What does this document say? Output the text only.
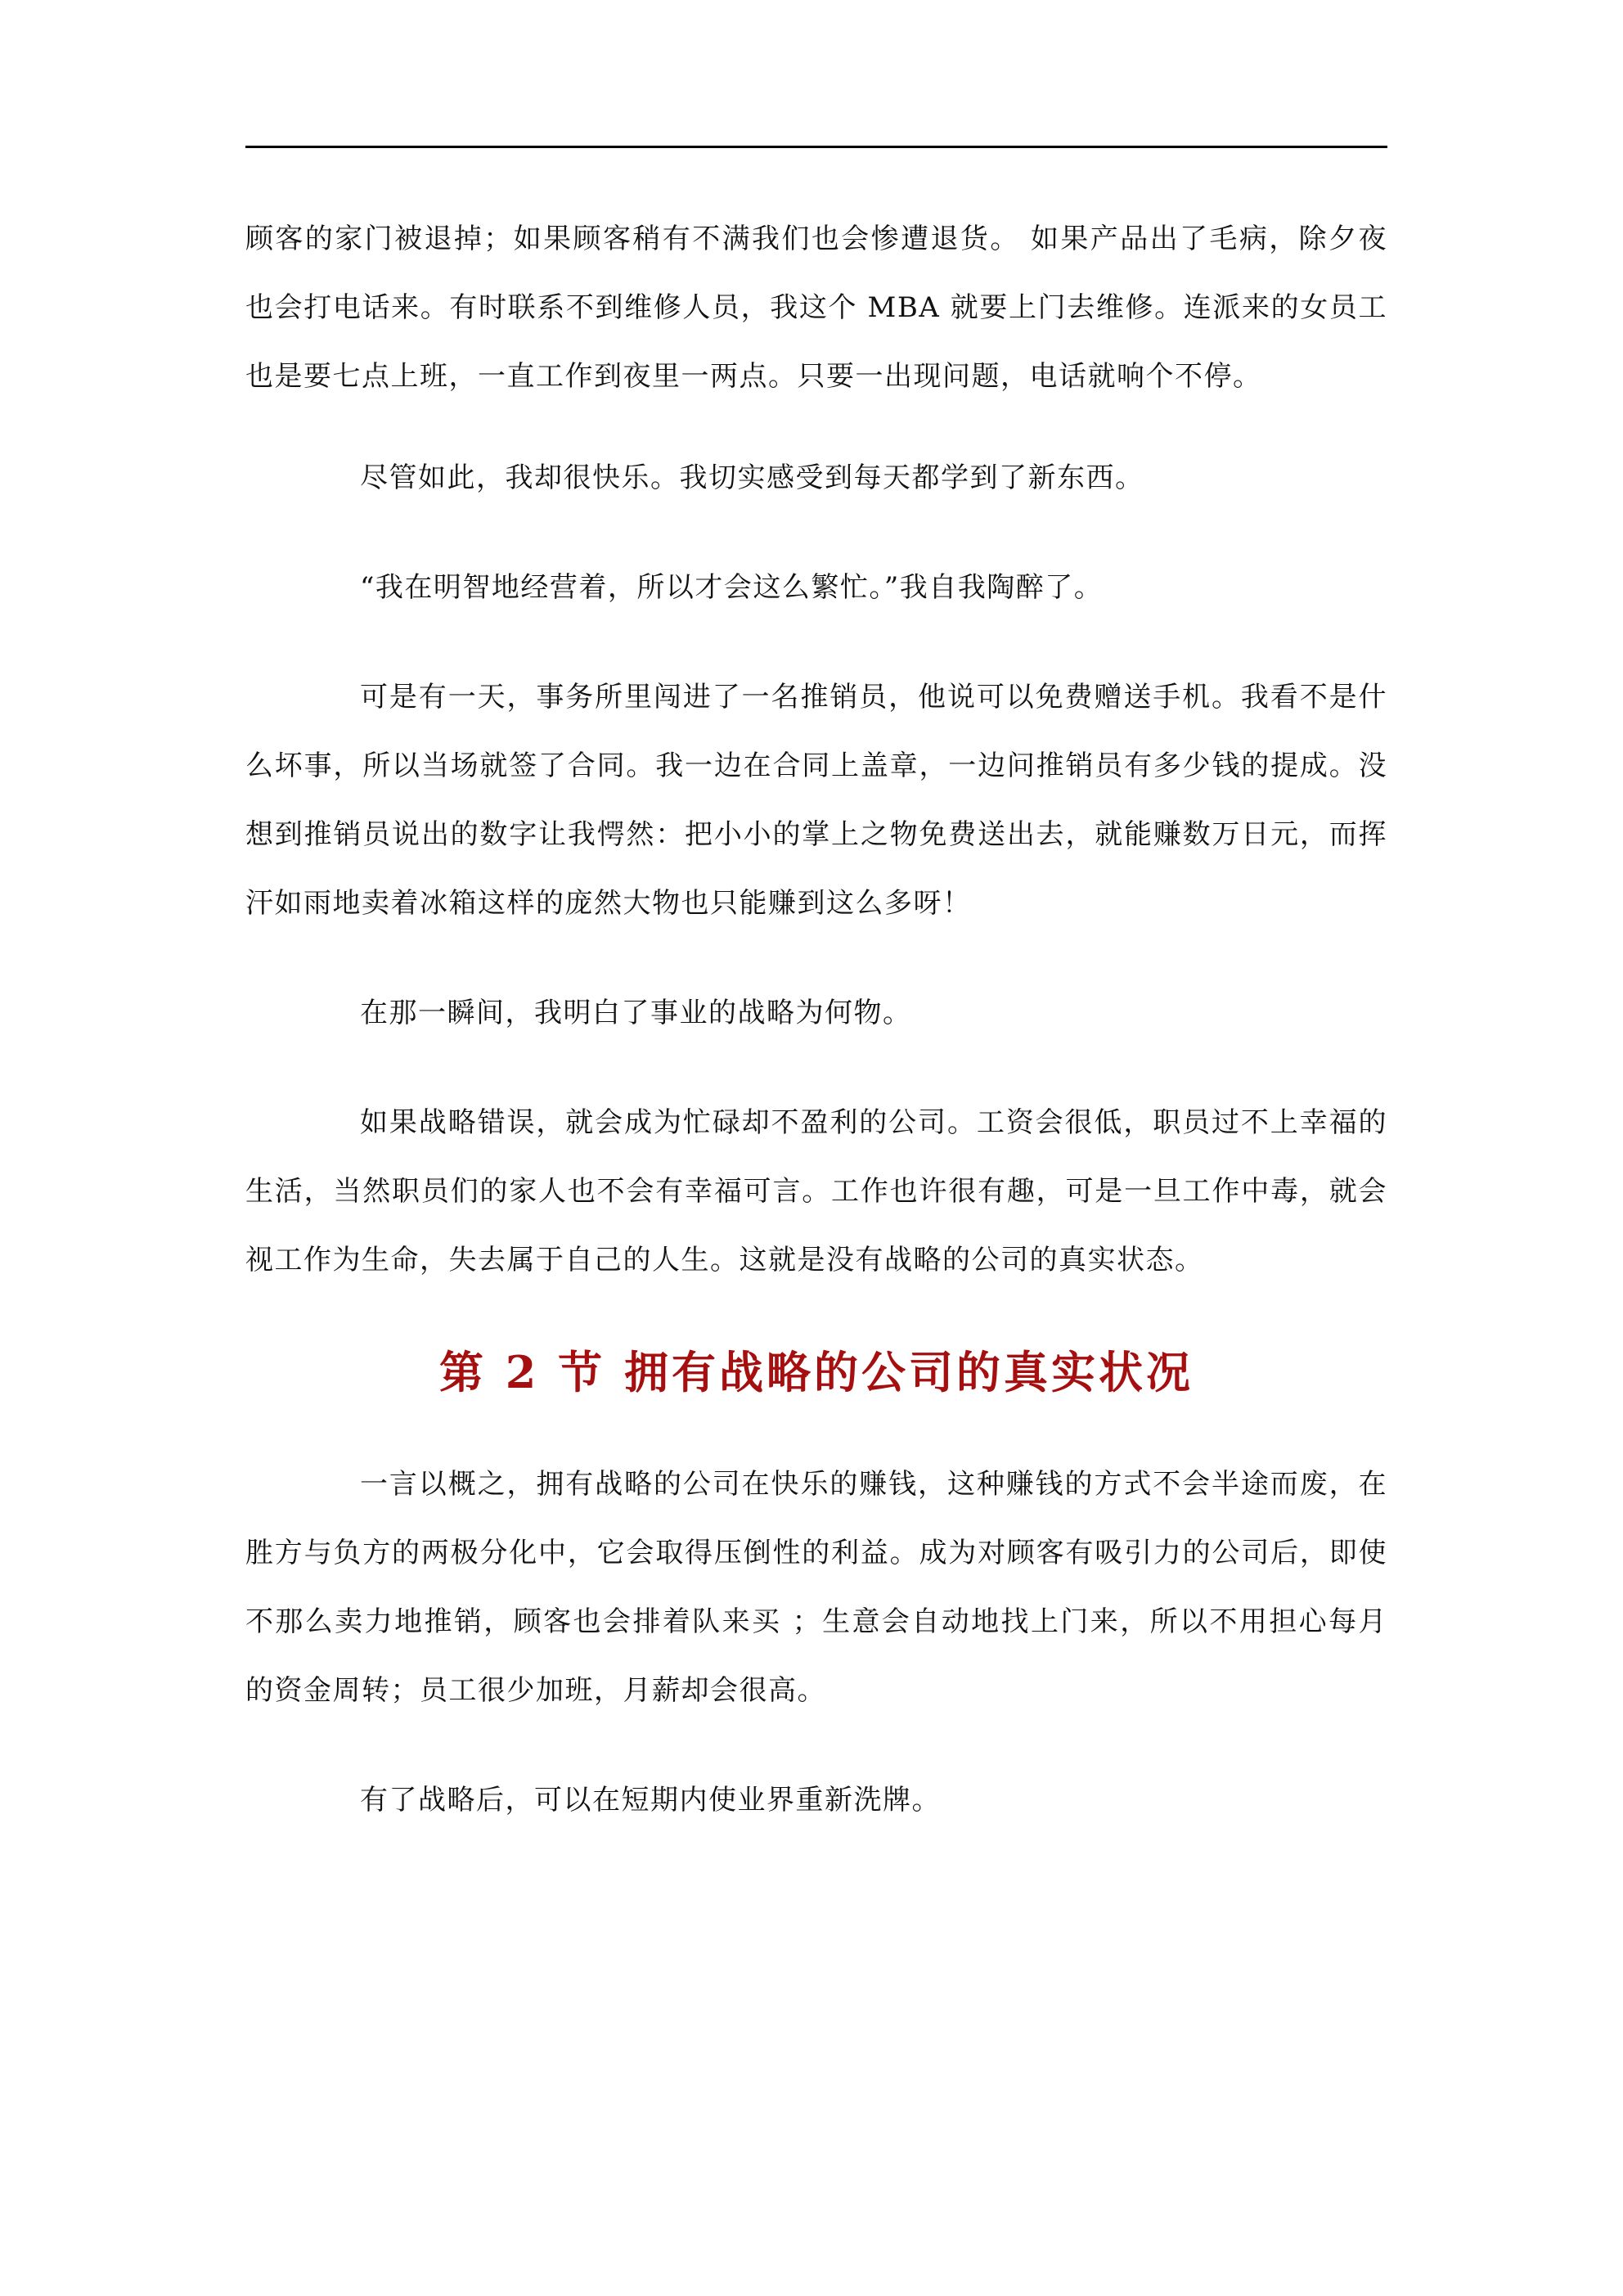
顾客的家门被退掉；如果顾客稍有不满我们也会惨遭退货。 如果产品出了毛病，除夕夜也会打电话来。有时联系不到维修人员，我这个 MBA 就要上门去维修。连派来的女员工也是要七点上班，一直工作到夜里一两点。只要一出现问题，电话就响个不停。

尽管如此，我却很快乐。我切实感受到每天都学到了新东西。

“我在明智地经营着，所以才会这么繁忙。”我自我陶醉了。

可是有一天，事务所里闯进了一名推销员，他说可以免费赠送手机。我看不是什么坏事，所以当场就签了合同。我一边在合同上盖章，一边问推销员有多少钱的提成。没想到推销员说出的数字让我愕然：把小小的掌上之物免费送出去，就能赚数万日元，而挥汗如雨地卖着冰箱这样的庞然大物也只能赚到这么多呀！

在那一瞬间，我明白了事业的战略为何物。

如果战略错误，就会成为忙碌却不盈利的公司。工资会很低，职员过不上幸福的生活，当然职员们的家人也不会有幸福可言。工作也许很有趣，可是一旦工作中毒，就会视工作为生命，失去属于自己的人生。这就是没有战略的公司的真实状态。

第 2 节 拥有战略的公司的真实状况

一言以概之，拥有战略的公司在快乐的赚钱，这种赚钱的方式不会半途而废，在胜方与负方的两极分化中，它会取得压倒性的利益。成为对顾客有吸引力的公司后，即使不那么卖力地推销，顾客也会排着队来买 ；生意会自动地找上门来，所以不用担心每月的资金周转；员工很少加班，月薪却会很高。

有了战略后，可以在短期内使业界重新洗牌。
